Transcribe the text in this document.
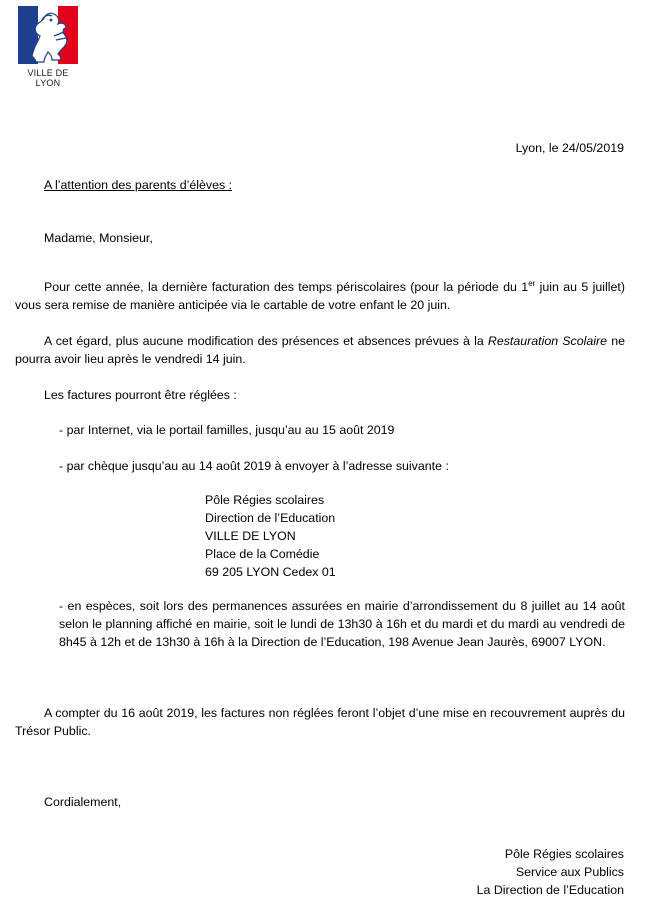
VILLE DE LYON
Lyon, le 24/05/2019
A l’attention des parents d’élèves :
Madame, Monsieur,
Pour cette année, la dernière facturation des temps périscolaires (pour la période du 1er juin au 5 juillet) vous sera remise de manière anticipée via le cartable de votre enfant le 20 juin.
A cet égard, plus aucune modification des présences et absences prévues à la Restauration Scolaire ne pourra avoir lieu après le vendredi 14 juin.
Les factures pourront être réglées :
- par Internet, via le portail familles, jusqu’au au 15 août 2019
- par chèque jusqu’au au 14 août 2019 à envoyer à l’adresse suivante :

Pôle Régies scolaires

Direction de l’Education

VILLE DE LYON

Place de la Comédie

69 205 LYON Cedex 01

- en espèces, soit lors des permanences assurées en mairie d’arrondissement du 8 juillet au 14 août selon le planning affiché en mairie, soit le lundi de 13h30 à 16h et du mardi et du mardi au vendredi de 8h45 à 12h et de 13h30 à 16h à la Direction de l’Education, 198 Avenue Jean Jaurès, 69007 LYON.
A compter du 16 août 2019, les factures non réglées feront l’objet d’une mise en recouvrement auprès du Trésor Public.
Cordialement,

Pôle Régies scolaires

Service aux Publics

La Direction de l’Education
